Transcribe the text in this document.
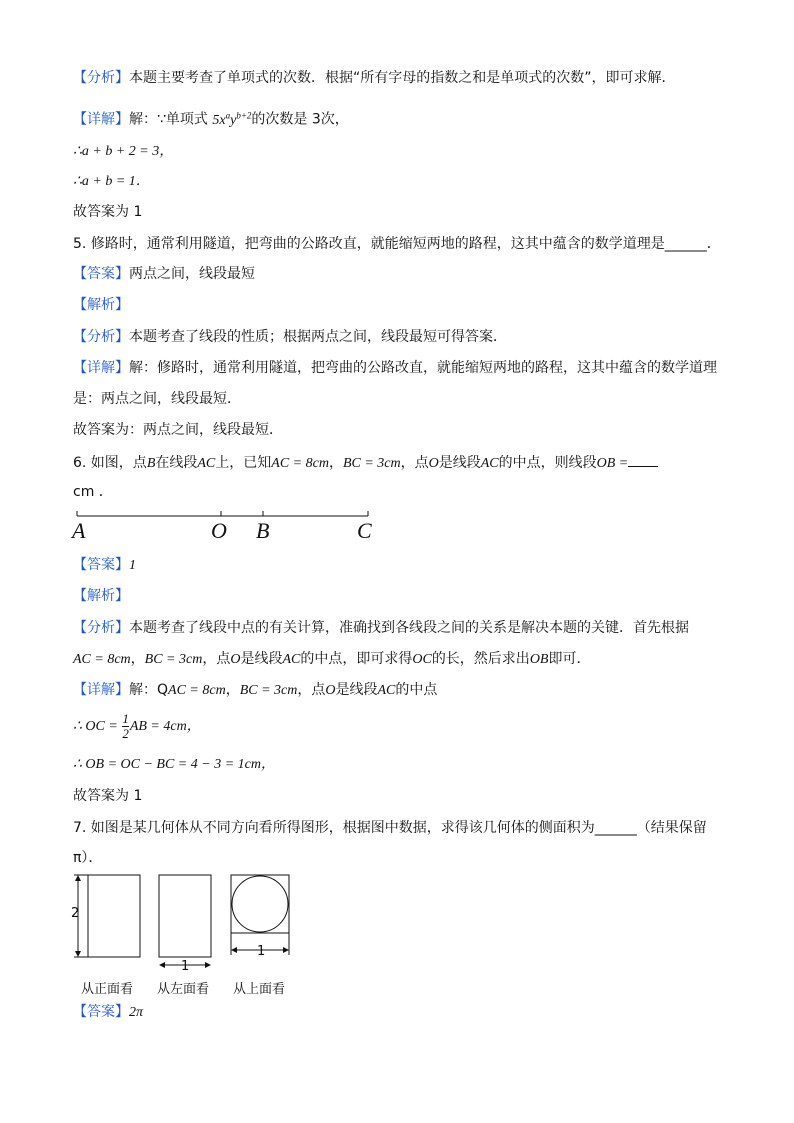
【分析】本题主要考查了单项式的次数．根据“所有字母的指数之和是单项式的次数”，即可求解．
【详解】解：∵单项式 $5x^ay^{b+2}$的次数是 3次，
∴a + b + 2 = 3，
∴a + b = 1．
故答案为 1
5. 修路时，通常利用隧道，把弯曲的公路改直，就能缩短两地的路程，这其中蕴含的数学道理是______．
【答案】两点之间，线段最短
【解析】
【分析】本题考查了线段的性质；根据两点之间，线段最短可得答案．
【详解】解：修路时，通常利用隧道，把弯曲的公路改直，就能缩短两地的路程，这其中蕴含的数学道理
是：两点之间，线段最短．
故答案为：两点之间，线段最短．
6. 如图，点B在线段AC上，已知AC = 8cm，BC = 3cm，点O是线段AC的中点，则线段OB =
cm ．
A	O B	C
【答案】1
【解析】
【分析】本题考查了线段中点的有关计算，准确找到各线段之间的关系是解决本题的关键．首先根据
AC = 8cm，BC = 3cm，点O是线段AC的中点，即可求得OC的长，然后求出OB即可．
【详解】解：QAC = 8cm，BC = 3cm，点O是线段AC的中点
∴ OC = $\frac{1}{2}$ AB = 4cm，
∴ OB = OC − BC = 4 − 3 = 1cm，
故答案为 1
7. 如图是某几何体从不同方向看所得图形，根据图中数据，求得该几何体的侧面积为______（结果保留
π）．
2
1
1
从正面看 从左面看 从上面看
【答案】2π
